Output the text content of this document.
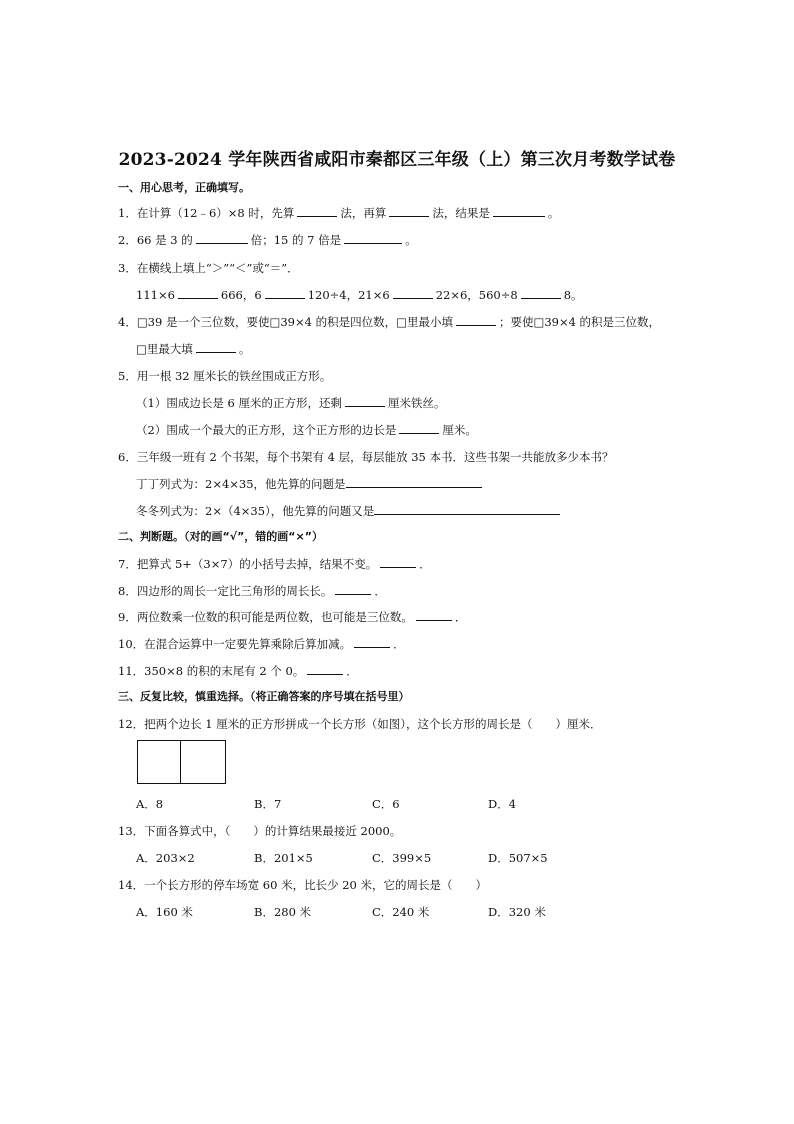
2023-2024 学年陕西省咸阳市秦都区三年级（上）第三次月考数学试卷
一、用心思考，正确填写。
1．在计算（12﹣6）×8 时，先算	法，再算	法，结果是	。
2．66 是 3 的	倍；15 的 7 倍是	。
3．在横线上填上“＞”“＜”或“＝”．
111×6	666，6	120÷4，21×6	22×6，560÷8	8。
4．□39 是一个三位数，要使□39×4 的积是四位数，□里最小填	；要使□39×4 的积是三位数，
□里最大填	。
5．用一根 32 厘米长的铁丝围成正方形。
（1）围成边长是 6 厘米的正方形，还剩	厘米铁丝。
（2）围成一个最大的正方形，这个正方形的边长是	厘米。
6．三年级一班有 2 个书架，每个书架有 4 层，每层能放 35 本书．这些书架一共能放多少本书？
丁丁列式为：2×4×35，他先算的问题是
冬冬列式为：2×（4×35），他先算的问题又是
二、判断题。（对的画“√”，错的画“×”）
7．把算式 5+（3×7）的小括号去掉，结果不变。	．
8．四边形的周长一定比三角形的周长长。	．
9．两位数乘一位数的积可能是两位数，也可能是三位数。	．
10．在混合运算中一定要先算乘除后算加减。	．
11．350×8 的积的末尾有 2 个 0。	．
三、反复比较，慎重选择。（将正确答案的序号填在括号里）
12．把两个边长 1 厘米的正方形拼成一个长方形（如图），这个长方形的周长是（　　）厘米．
A．8	B．7	C．6	D．4
13．下面各算式中，（　　）的计算结果最接近 2000。
A．203×2	B．201×5	C．399×5	D．507×5
14．一个长方形的停车场宽 60 米，比长少 20 米，它的周长是（　　）
A．160 米	B．280 米	C．240 米	D．320 米
